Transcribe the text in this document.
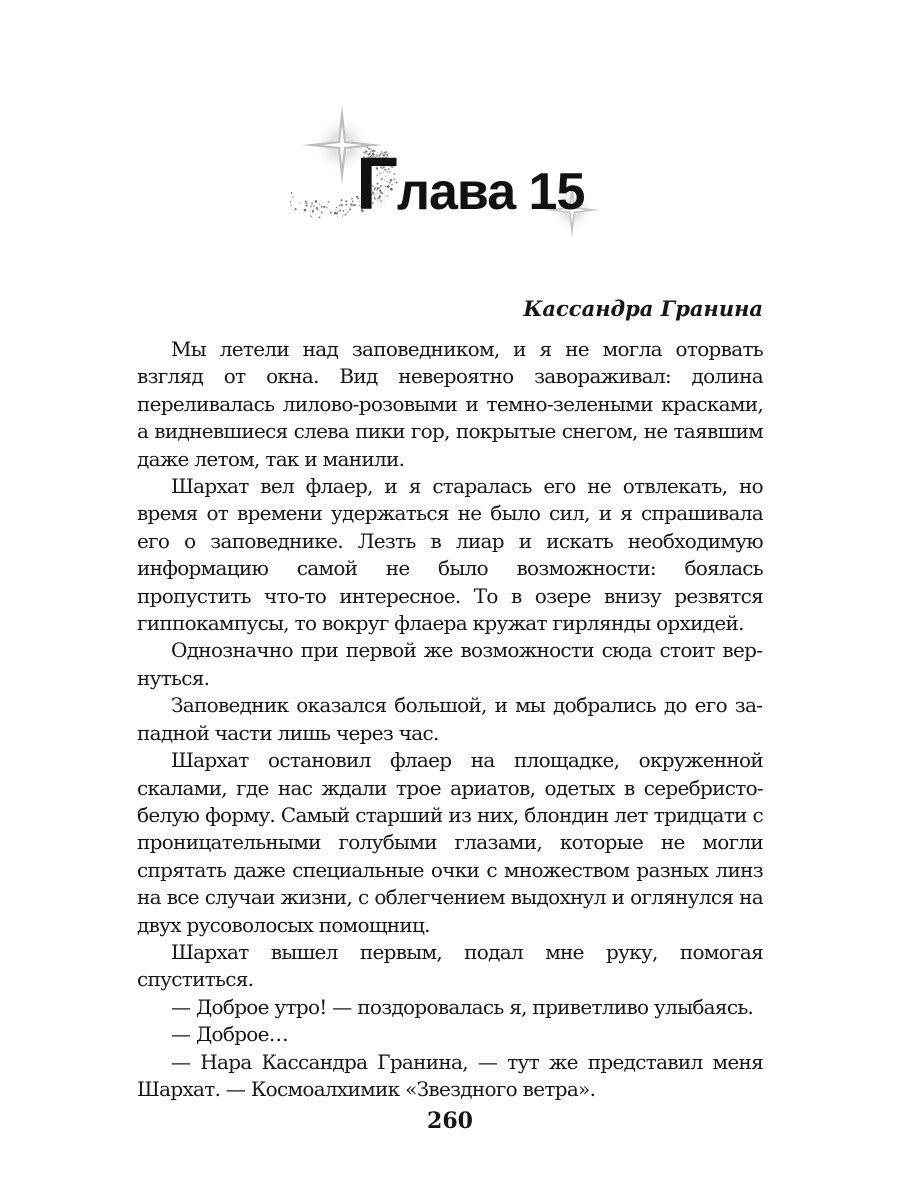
Глава 15
Кассандра Гранина

Мы летели над заповедником, и я не могла оторвать взгляд от окна. Вид невероятно завораживал: долина переливалась лилово-розовыми и темно-зелеными красками, а видневшиеся слева пики гор, покрытые снегом, не таявшим даже летом, так и манили.

Шархат вел флаер, и я старалась его не отвлекать, но время от времени удержаться не было сил, и я спрашивала его о заповеднике. Лезть в лиар и искать необходимую информацию самой не было возможности: боялась пропустить что-то интересное. То в озере внизу резвятся гиппокампусы, то вокруг флаера кружат гирлянды орхидей.

Однозначно при первой же возможности сюда стоит вернуться.

Заповедник оказался большой, и мы добрались до его западной части лишь через час.

Шархат остановил флаер на площадке, окруженной скалами, где нас ждали трое ариатов, одетых в серебристо-белую форму. Самый старший из них, блондин лет тридцати с проницательными голубыми глазами, которые не могли спрятать даже специальные очки с множеством разных линз на все случаи жизни, с облегчением выдохнул и оглянулся на двух русоволосых помощниц.

Шархат вышел первым, подал мне руку, помогая спуститься.

— Доброе утро! — поздоровалась я, приветливо улыбаясь.

— Доброе…

— Нара Кассандра Гранина, — тут же представил меня Шархат. — Космоалхимик «Звездного ветра».

260
